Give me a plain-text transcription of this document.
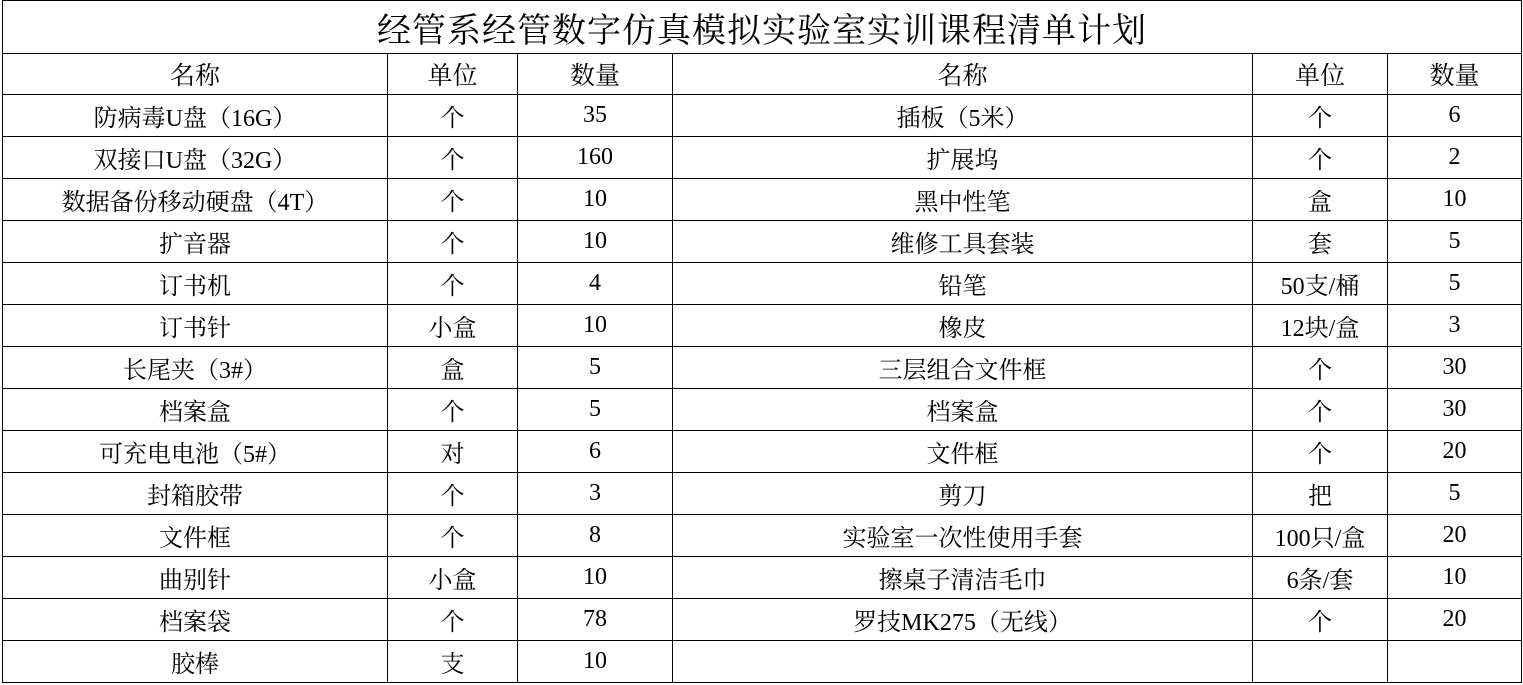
经管系经管数字仿真模拟实验室实训课程清单计划					
名称	单位	数量	名称	单位	数量
防病毒U盘（16G）	个	35	插板（5米）	个	6
双接口U盘（32G）	个	160	扩展坞	个	2
数据备份移动硬盘（4T）	个	10	黑中性笔	盒	10
扩音器	个	10	维修工具套装	套	5
订书机	个	4	铅笔	50支/桶	5
订书针	小盒	10	橡皮	12块/盒	3
长尾夹（3#）	盒	5	三层组合文件框	个	30
档案盒	个	5	档案盒	个	30
可充电电池（5#）	对	6	文件框	个	20
封箱胶带	个	3	剪刀	把	5
文件框	个	8	实验室一次性使用手套	100只/盒	20
曲别针	小盒	10	擦桌子清洁毛巾	6条/套	10
档案袋	个	78	罗技MK275（无线）	个	20
胶棒	支	10			
